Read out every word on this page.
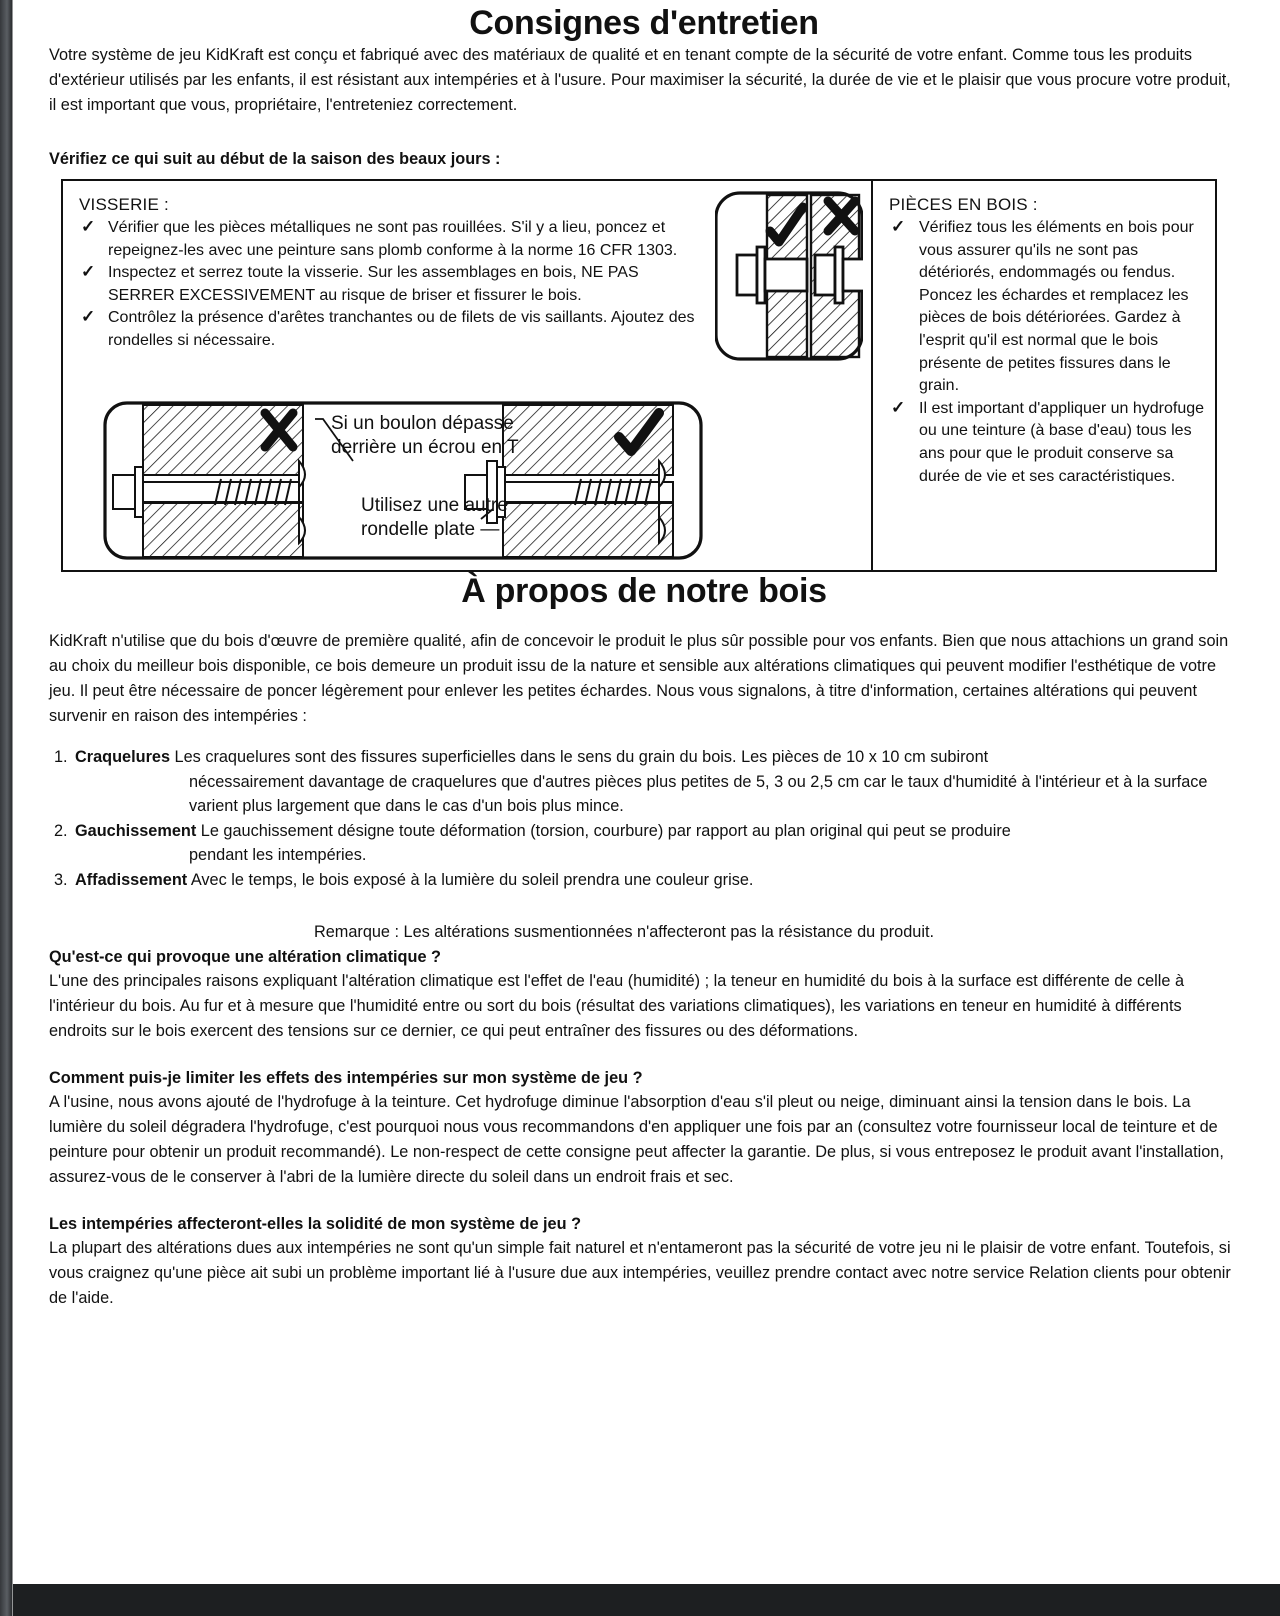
Consignes d'entretien

Votre système de jeu KidKraft est conçu et fabriqué avec des matériaux de qualité et en tenant compte de la sécurité de votre enfant. Comme tous les produits d'extérieur utilisés par les enfants, il est résistant aux intempéries et à l'usure. Pour maximiser la sécurité, la durée de vie et le plaisir que vous procure votre produit, il est important que vous, propriétaire, l'entreteniez correctement.

Vérifiez ce qui suit au début de la saison des beaux jours :
VISSERIE :
✓ Vérifier que les pièces métalliques ne sont pas rouillées. S'il y a lieu, poncez et repeignez-les avec une peinture sans plomb conforme à la norme 16 CFR 1303.
✓ Inspectez et serrez toute la visserie. Sur les assemblages en bois, NE PAS SERRER EXCESSIVEMENT au risque de briser et fissurer le bois.
✓ Contrôlez la présence d'arêtes tranchantes ou de filets de vis saillants. Ajoutez des rondelles si nécessaire.
Si un boulon dépasse
derrière un écrou en T
Utilisez une autre
rondelle plate —
PIÈCES EN BOIS :
✓ Vérifiez tous les éléments en bois pour vous assurer qu'ils ne sont pas détériorés, endommagés ou fendus. Poncez les échardes et remplacez les pièces de bois détériorées. Gardez à l'esprit qu'il est normal que le bois présente de petites fissures dans le grain.
✓ Il est important d'appliquer un hydrofuge ou une teinture (à base d'eau) tous les ans pour que le produit conserve sa durée de vie et ses caractéristiques.
À propos de notre bois

KidKraft n'utilise que du bois d'œuvre de première qualité, afin de concevoir le produit le plus sûr possible pour vos enfants. Bien que nous attachions un grand soin au choix du meilleur bois disponible, ce bois demeure un produit issu de la nature et sensible aux altérations climatiques qui peuvent modifier l'esthétique de votre jeu. Il peut être nécessaire de poncer légèrement pour enlever les petites échardes. Nous vous signalons, à titre d'information, certaines altérations qui peuvent survenir en raison des intempéries :

1. Craquelures Les craquelures sont des fissures superficielles dans le sens du grain du bois. Les pièces de 10 x 10 cm subiront
nécessairement davantage de craquelures que d'autres pièces plus petites de 5, 3 ou 2,5 cm car le taux d'humidité à l'intérieur et à la surface varient plus largement que dans le cas d'un bois plus mince.
2. Gauchissement Le gauchissement désigne toute déformation (torsion, courbure) par rapport au plan original qui peut se produire
pendant les intempéries.
3. Affadissement Avec le temps, le bois exposé à la lumière du soleil prendra une couleur grise.
Remarque : Les altérations susmentionnées n'affecteront pas la résistance du produit.
Qu'est-ce qui provoque une altération climatique ?

L'une des principales raisons expliquant l'altération climatique est l'effet de l'eau (humidité) ; la teneur en humidité du bois à la surface est différente de celle à l'intérieur du bois. Au fur et à mesure que l'humidité entre ou sort du bois (résultat des variations climatiques), les variations en teneur en humidité à différents endroits sur le bois exercent des tensions sur ce dernier, ce qui peut entraîner des fissures ou des déformations.

Comment puis-je limiter les effets des intempéries sur mon système de jeu ?

A l'usine, nous avons ajouté de l'hydrofuge à la teinture. Cet hydrofuge diminue l'absorption d'eau s'il pleut ou neige, diminuant ainsi la tension dans le bois. La lumière du soleil dégradera l'hydrofuge, c'est pourquoi nous vous recommandons d'en appliquer une fois par an (consultez votre fournisseur local de teinture et de peinture pour obtenir un produit recommandé). Le non-respect de cette consigne peut affecter la garantie. De plus, si vous entreposez le produit avant l'installation, assurez-vous de le conserver à l'abri de la lumière directe du soleil dans un endroit frais et sec.

Les intempéries affecteront-elles la solidité de mon système de jeu ?

La plupart des altérations dues aux intempéries ne sont qu'un simple fait naturel et n'entameront pas la sécurité de votre jeu ni le plaisir de votre enfant. Toutefois, si vous craignez qu'une pièce ait subi un problème important lié à l'usure due aux intempéries, veuillez prendre contact avec notre service Relation clients pour obtenir de l'aide.
